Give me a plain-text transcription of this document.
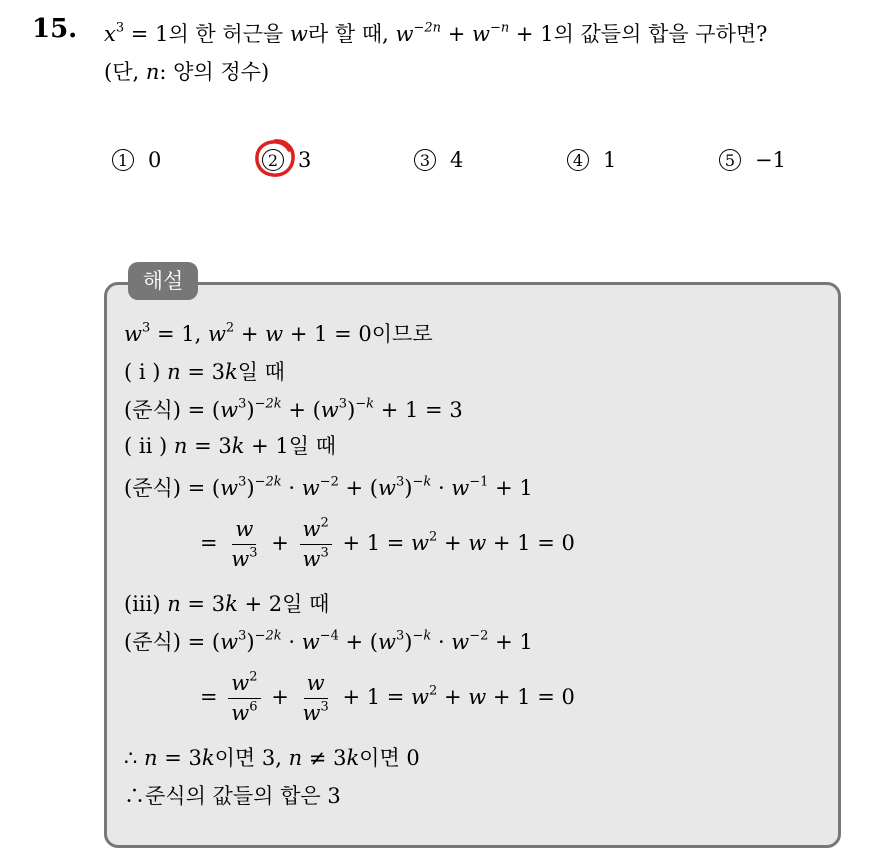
15. $x^3 = 1$의 한 허근을 w라 할 때, $w^{-2n} + w^{-n} + 1$의 값들의 합을 구하면?
(단, n: 양의 정수)
1 0	2 3	3 4	4 1	5 −1
해설
$w^3 = 1$, $w^2 + w + 1 = 0$이므로
( i ) n = 3k일 때
(준식) = $(w^3)^{-2k} + (w^3)^{-k} + 1 = 3$
( ii ) n = 3k + 1일 때
(준식) = $(w^3)^{-2k} \cdot w^{-2} + (w^3)^{-k} \cdot w^{-1} + 1$
= $\frac{w}{w^3} + \frac{w^2}{w^3} + 1 = w^2 + w + 1 = 0$
(iii) n = 3k + 2일 때
(준식) = $(w^3)^{-2k} \cdot w^{-4} + (w^3)^{-k} \cdot w^{-2} + 1$
= $\frac{w^2}{w^6} + \frac{w}{w^3} + 1 = w^2 + w + 1 = 0$
∴ n = 3k이면 3, n ≠ 3k이면 0
∴준식의 값들의 합은 3
